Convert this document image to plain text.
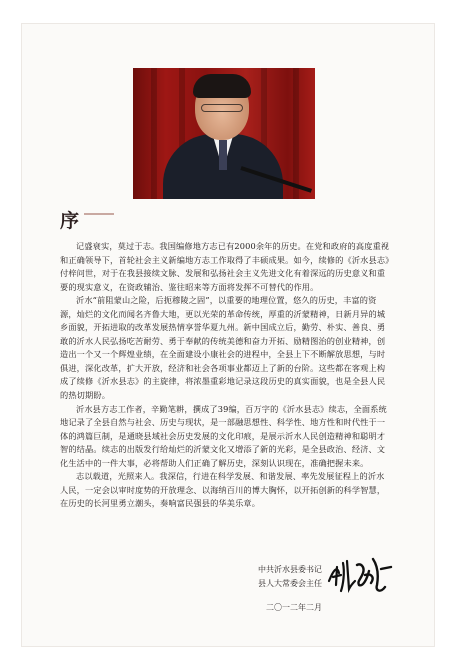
序

记盛衰实，莫过于志。我国编修地方志已有2000余年的历史。在党和政府的高度重视和正确领导下，首轮社会主义新编地方志工作取得了丰硕成果。如今，续修的《沂水县志》付梓问世，对于在我县接续文脉、发展和弘扬社会主义先进文化有着深远的历史意义和重要的现实意义，在资政辅治、鉴往昭来等方面将发挥不可替代的作用。

沂水“前阻蒙山之险，后扼穆陵之固”，以重要的地理位置，悠久的历史，丰富的资源，灿烂的文化而闻名齐鲁大地，更以光荣的革命传统，厚重的沂蒙精神，日新月异的城乡面貌，开拓进取的改革发展热情享誉华夏九州。新中国成立后，勤劳、朴实、善良、勇敢的沂水人民弘扬吃苦耐劳、勇于奉献的传统美德和奋力开拓、励精图治的创业精神，创造出一个又一个辉煌业绩，在全面建设小康社会的进程中，全县上下不断解放思想，与时俱进，深化改革，扩大开放，经济和社会各项事业都迈上了新的台阶。这些都在客观上构成了续修《沂水县志》的主旋律，将浓墨重彩地记录这段历史的真实面貌，也是全县人民的热切期盼。

沂水县方志工作者，辛勤笔耕，撰成了39编，百万字的《沂水县志》续志，全面系统地记录了全县自然与社会、历史与现状，是一部融思想性、科学性、地方性和时代性于一体的鸿篇巨制，是通晓县域社会历史发展的文化印痕，是展示沂水人民创造精神和聪明才智的结晶。续志的出版发行给灿烂的沂蒙文化又增添了新的光彩，是全县政治、经济、文化生活中的一件大事，必将帮助人们正确了解历史，深刻认识现在，准确把握未来。

志以载道，光照来人。我深信，行进在科学发展、和谐发展、率先发展征程上的沂水人民，一定会以审时度势的开放理念、以海纳百川的博大胸怀，以开拓创新的科学智慧，在历史的长河里勇立潮头，奏响富民强县的华美乐章。

中共沂水县委书记
县人大常委会主任
二〇一二年二月
